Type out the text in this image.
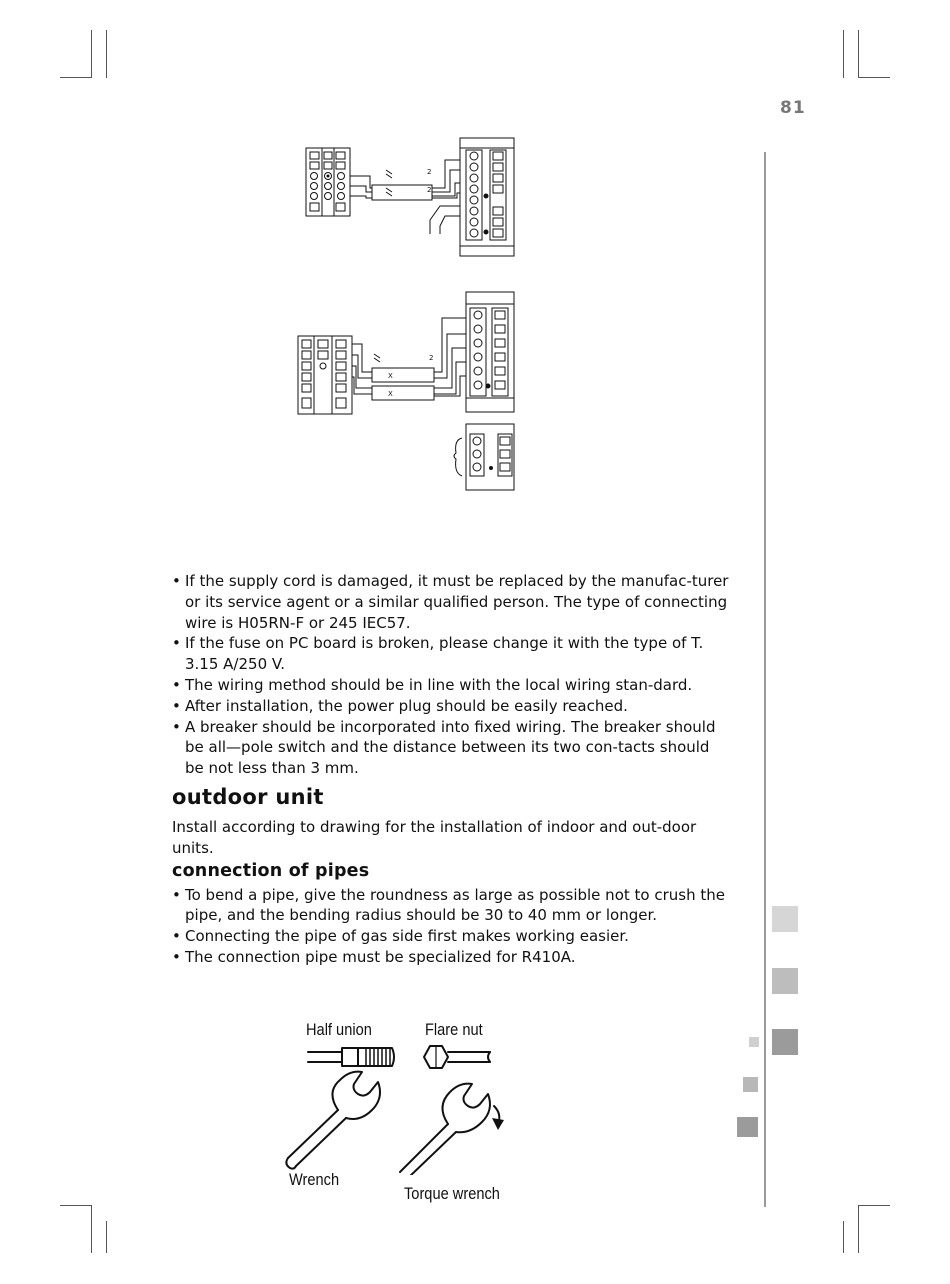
81
2
2
2
X
X
• If the supply cord is damaged, it must be replaced by the manufac-turer or its service agent or a similar qualified person. The type of connecting wire is H05RN-F or 245 IEC57.
• If the fuse on PC board is broken, please change it with the type of T. 3.15 A/250 V.
• The wiring method should be in line with the local wiring stan-dard.
• After installation, the power plug should be easily reached.
• A breaker should be incorporated into fixed wiring. The breaker should be all—pole switch and the distance between its two con-tacts should be not less than 3 mm.
outdoor unit

Install according to drawing for the installation of indoor and out-door units.

connection of pipes
• To bend a pipe, give the roundness as large as possible not to crush the pipe, and the bending radius should be 30 to 40 mm or longer.
• Connecting the pipe of gas side first makes working easier.
• The connection pipe must be specialized for R410A.
Half union	Flare nut
Wrench
Torque wrench
